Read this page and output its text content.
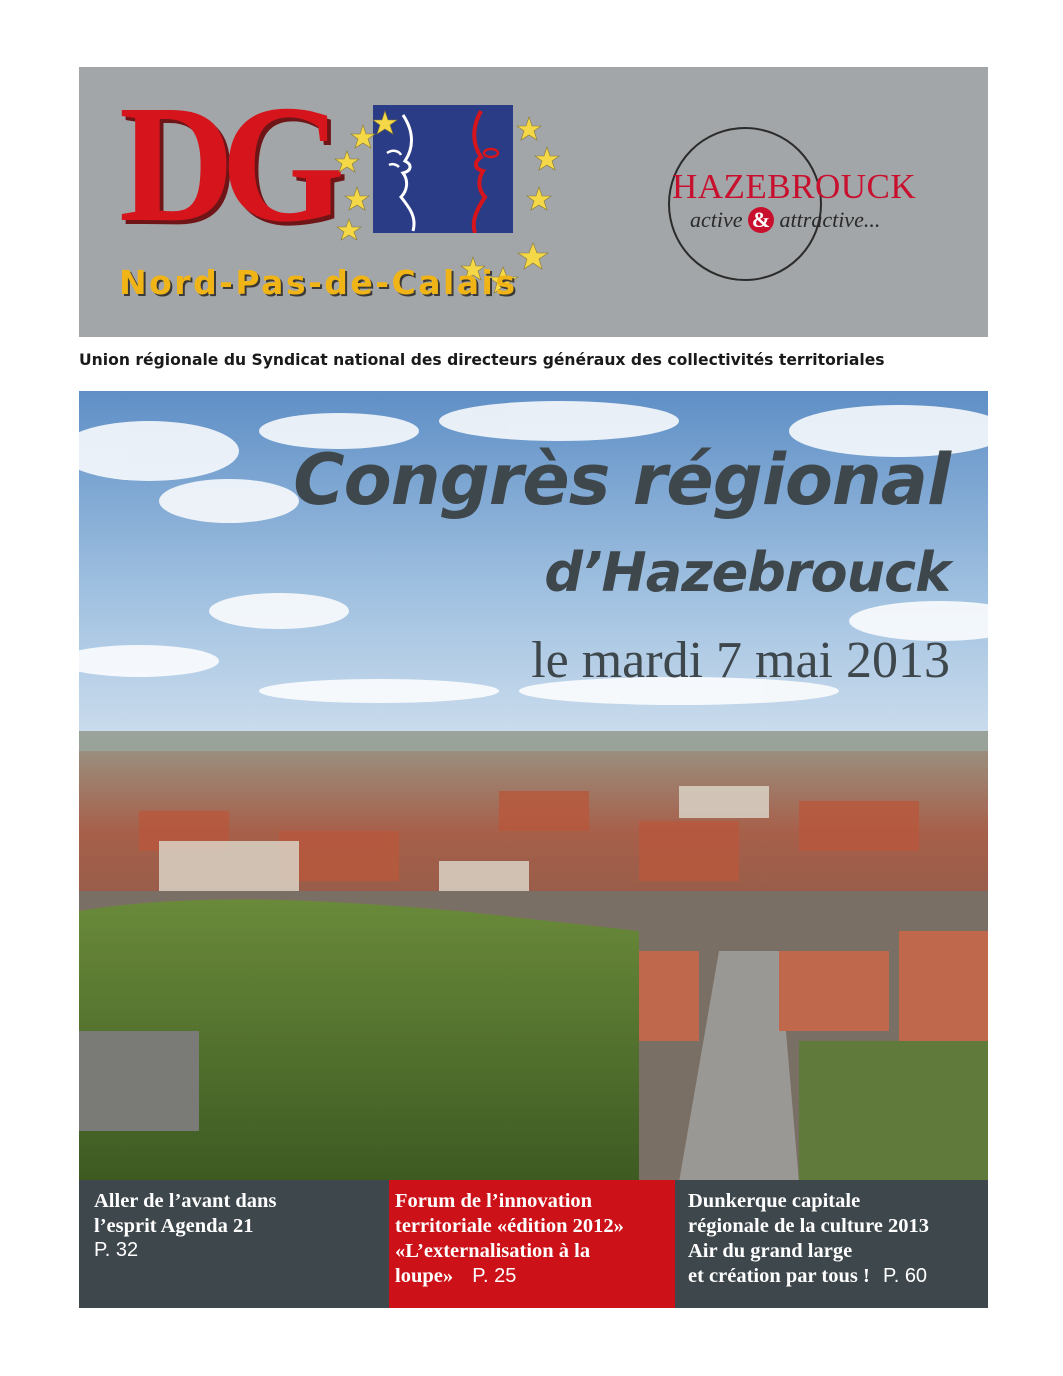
DG
Nord-Pas-de-Calais
HAZEBROUCK
active & attractive...
Union régionale du Syndicat national des directeurs généraux des collectivités territoriales
Congrès régional
d’Hazebrouck
le mardi 7 mai 2013
Aller de l’avant dans
l’esprit Agenda 21
P. 32
Forum de l’innovation
territoriale «édition 2012»
«L’externalisation à la
loupe» P. 25
Dunkerque capitale
régionale de la culture 2013
Air du grand large
et création par tous ! P. 60
